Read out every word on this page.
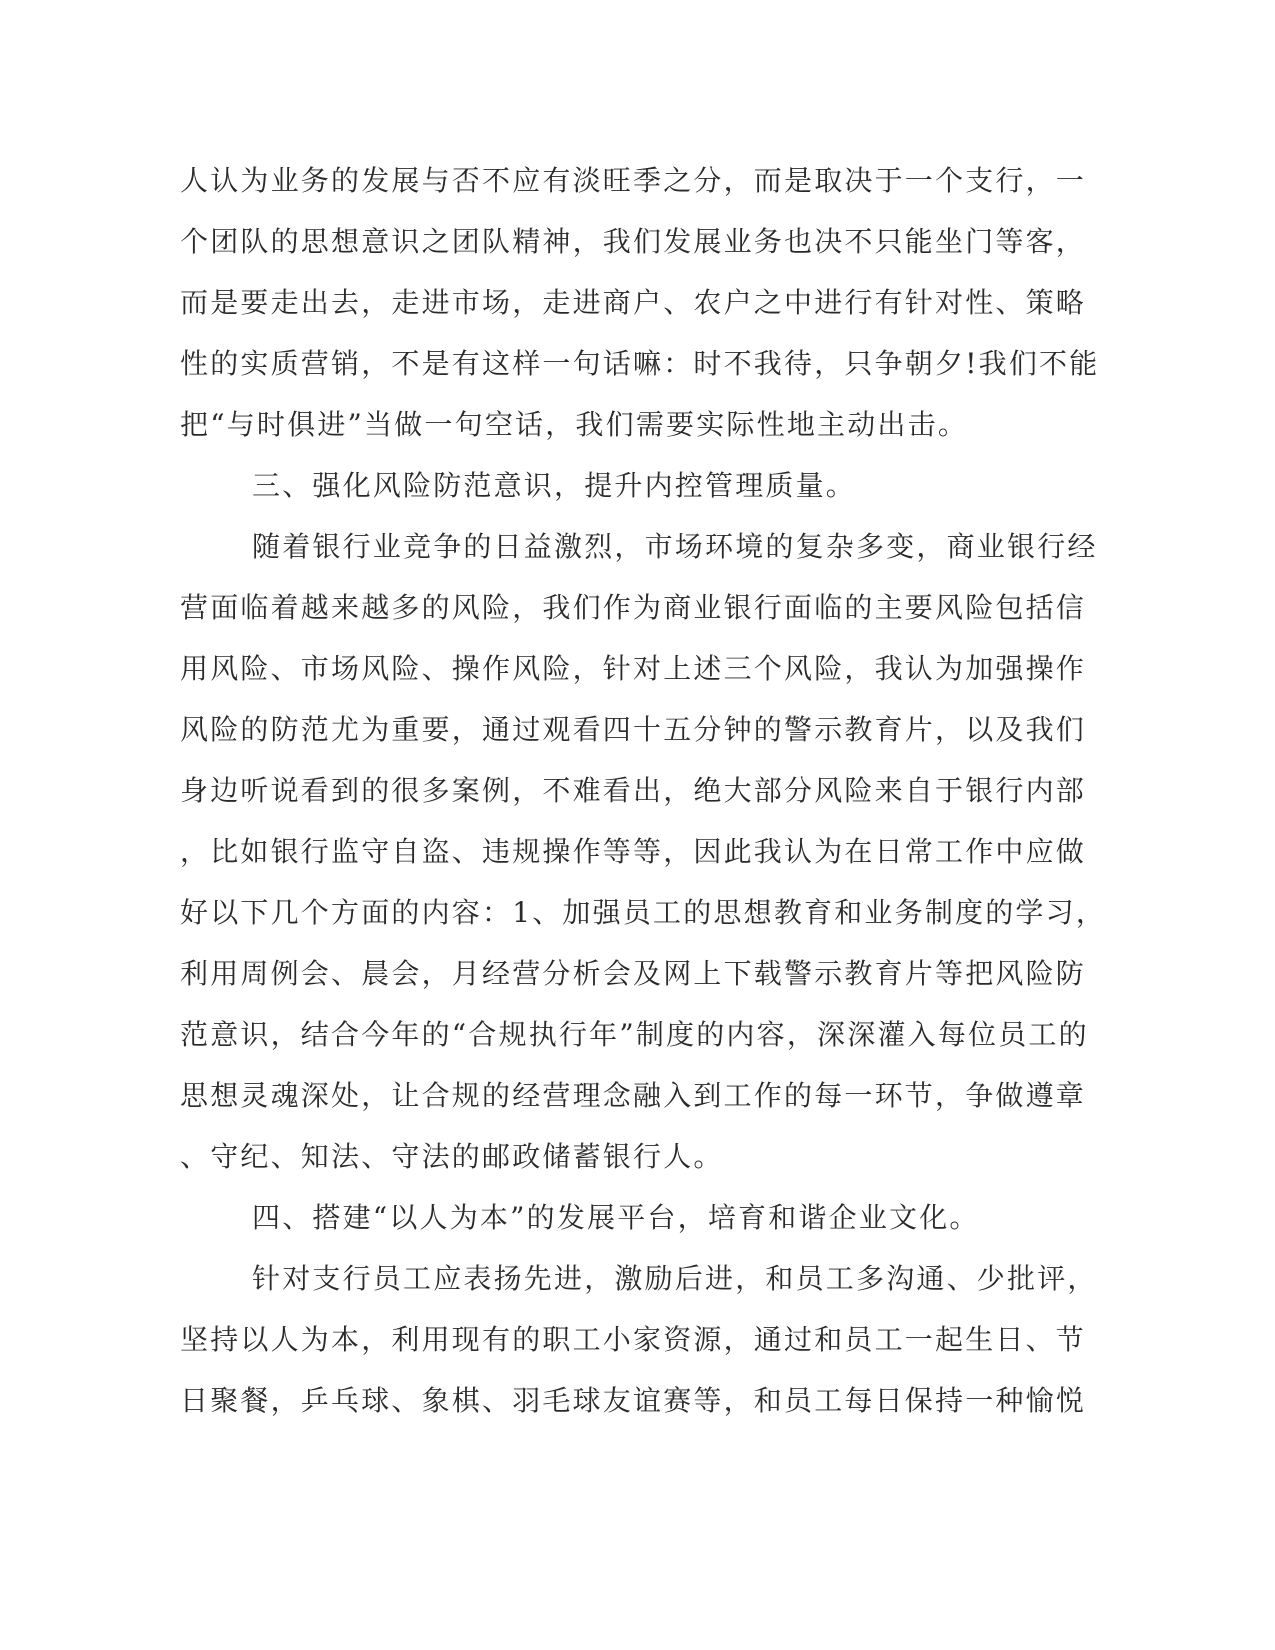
人认为业务的发展与否不应有淡旺季之分，而是取决于一个支行，一
个团队的思想意识之团队精神，我们发展业务也决不只能坐门等客，
而是要走出去，走进市场，走进商户、农户之中进行有针对性、策略
性的实质营销，不是有这样一句话嘛：时不我待，只争朝夕!我们不能
把“与时俱进”当做一句空话，我们需要实际性地主动出击。
三、强化风险防范意识，提升内控管理质量。
随着银行业竞争的日益激烈，市场环境的复杂多变，商业银行经
营面临着越来越多的风险，我们作为商业银行面临的主要风险包括信
用风险、市场风险、操作风险，针对上述三个风险，我认为加强操作
风险的防范尤为重要，通过观看四十五分钟的警示教育片，以及我们
身边听说看到的很多案例，不难看出，绝大部分风险来自于银行内部
，比如银行监守自盗、违规操作等等，因此我认为在日常工作中应做
好以下几个方面的内容：1、加强员工的思想教育和业务制度的学习，
利用周例会、晨会，月经营分析会及网上下载警示教育片等把风险防
范意识，结合今年的“合规执行年”制度的内容，深深灌入每位员工的
思想灵魂深处，让合规的经营理念融入到工作的每一环节，争做遵章
、守纪、知法、守法的邮政储蓄银行人。
四、搭建“以人为本”的发展平台，培育和谐企业文化。
针对支行员工应表扬先进，激励后进，和员工多沟通、少批评，
坚持以人为本，利用现有的职工小家资源，通过和员工一起生日、节
日聚餐，乒乓球、象棋、羽毛球友谊赛等，和员工每日保持一种愉悦
